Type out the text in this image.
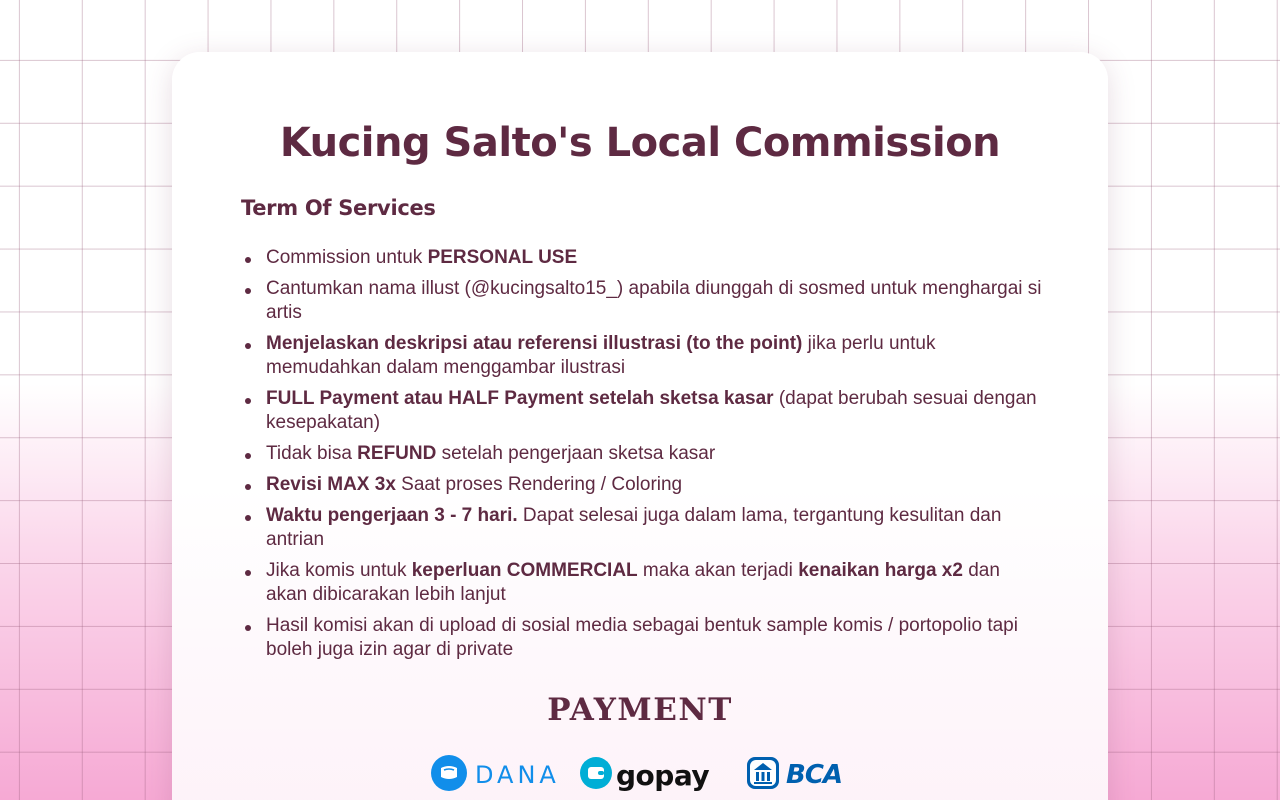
Kucing Salto's Local Commission
Term Of Services
Commission untuk PERSONAL USE
Cantumkan nama illust (@kucingsalto15_) apabila diunggah di sosmed untuk menghargai si artis
Menjelaskan deskripsi atau referensi illustrasi (to the point) jika perlu untuk memudahkan dalam menggambar ilustrasi
FULL Payment atau HALF Payment setelah sketsa kasar (dapat berubah sesuai dengan kesepakatan)
Tidak bisa REFUND setelah pengerjaan sketsa kasar
Revisi MAX 3x Saat proses Rendering / Coloring
Waktu pengerjaan 3 - 7 hari. Dapat selesai juga dalam lama, tergantung kesulitan dan antrian
Jika komis untuk keperluan COMMERCIAL maka akan terjadi kenaikan harga x2 dan akan dibicarakan lebih lanjut
Hasil komisi akan di upload di sosial media sebagai bentuk sample komis / portopolio tapi boleh juga izin agar di private
PAYMENT
DANA gopay	BCA
